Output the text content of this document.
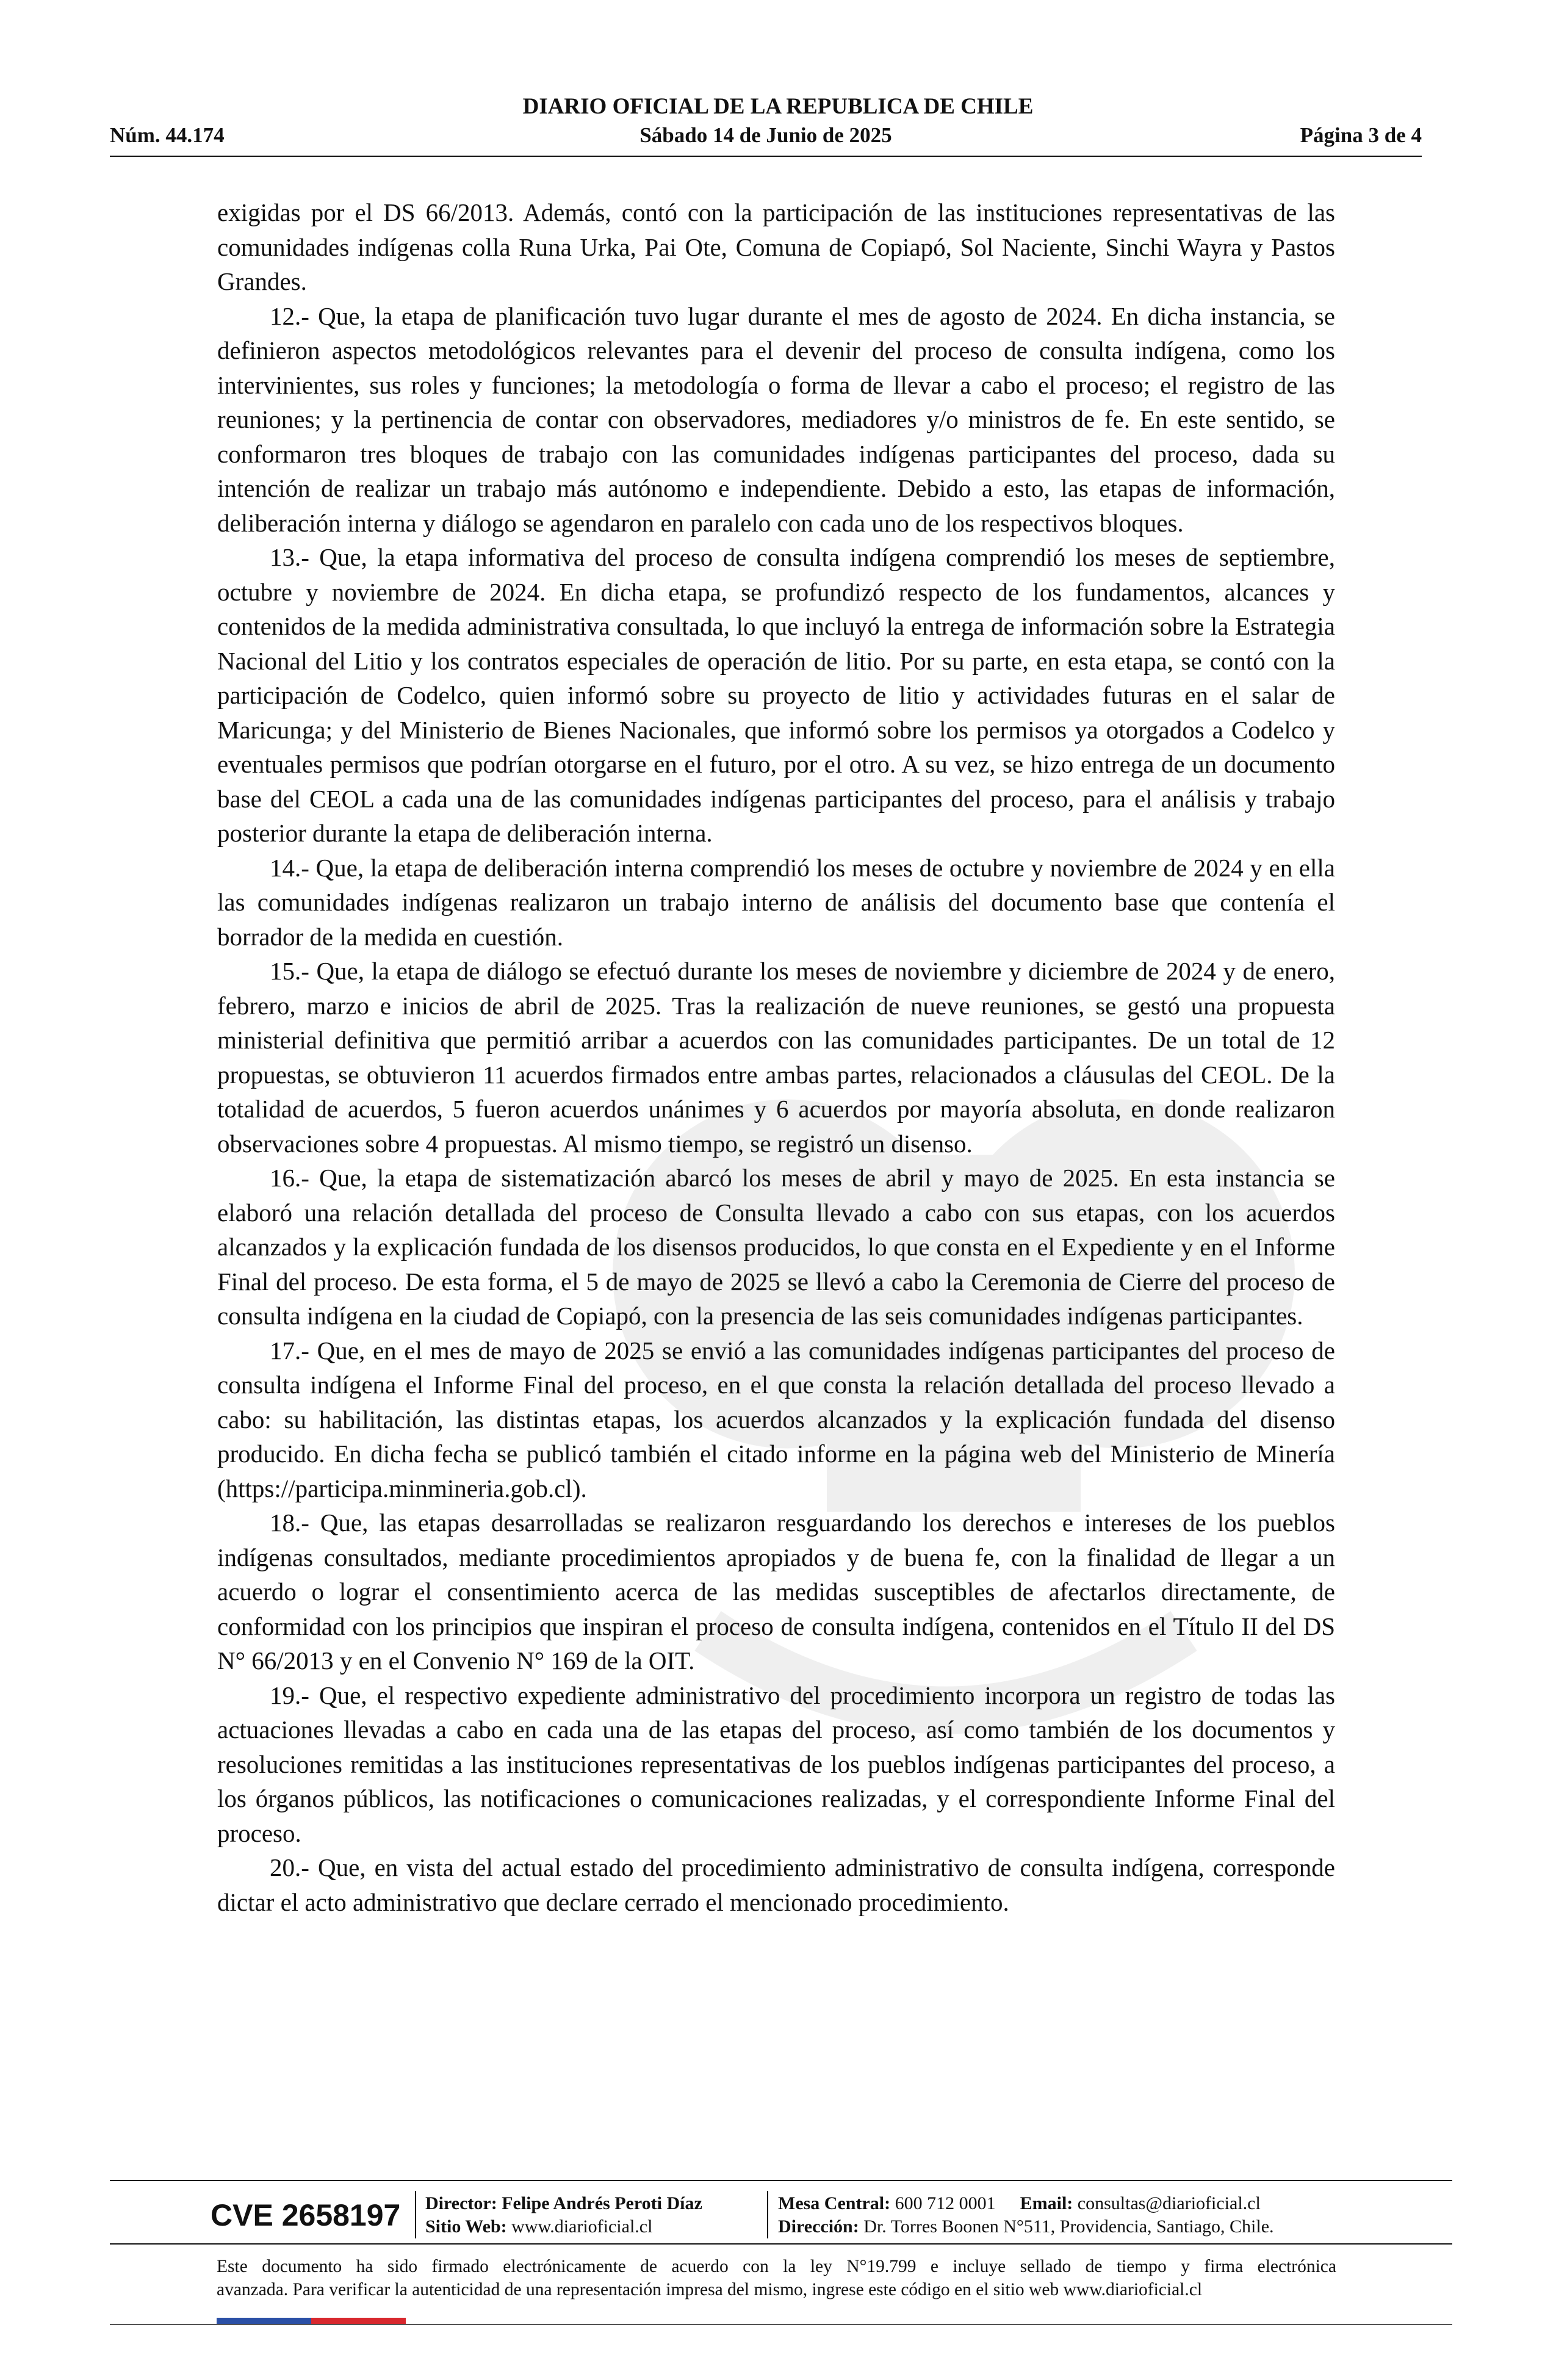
DIARIO OFICIAL DE LA REPUBLICA DE CHILE
Núm. 44.174	Sábado 14 de Junio de 2025	Página 3 de 4

exigidas por el DS 66/2013. Además, contó con la participación de las instituciones representativas de las comunidades indígenas colla Runa Urka, Pai Ote, Comuna de Copiapó, Sol Naciente, Sinchi Wayra y Pastos Grandes.

12.- Que, la etapa de planificación tuvo lugar durante el mes de agosto de 2024. En dicha instancia, se definieron aspectos metodológicos relevantes para el devenir del proceso de consulta indígena, como los intervinientes, sus roles y funciones; la metodología o forma de llevar a cabo el proceso; el registro de las reuniones; y la pertinencia de contar con observadores, mediadores y/o ministros de fe. En este sentido, se conformaron tres bloques de trabajo con las comunidades indígenas participantes del proceso, dada su intención de realizar un trabajo más autónomo e independiente. Debido a esto, las etapas de información, deliberación interna y diálogo se agendaron en paralelo con cada uno de los respectivos bloques.

13.- Que, la etapa informativa del proceso de consulta indígena comprendió los meses de septiembre, octubre y noviembre de 2024. En dicha etapa, se profundizó respecto de los fundamentos, alcances y contenidos de la medida administrativa consultada, lo que incluyó la entrega de información sobre la Estrategia Nacional del Litio y los contratos especiales de operación de litio. Por su parte, en esta etapa, se contó con la participación de Codelco, quien informó sobre su proyecto de litio y actividades futuras en el salar de Maricunga; y del Ministerio de Bienes Nacionales, que informó sobre los permisos ya otorgados a Codelco y eventuales permisos que podrían otorgarse en el futuro, por el otro. A su vez, se hizo entrega de un documento base del CEOL a cada una de las comunidades indígenas participantes del proceso, para el análisis y trabajo posterior durante la etapa de deliberación interna.

14.- Que, la etapa de deliberación interna comprendió los meses de octubre y noviembre de 2024 y en ella las comunidades indígenas realizaron un trabajo interno de análisis del documento base que contenía el borrador de la medida en cuestión.

15.- Que, la etapa de diálogo se efectuó durante los meses de noviembre y diciembre de 2024 y de enero, febrero, marzo e inicios de abril de 2025. Tras la realización de nueve reuniones, se gestó una propuesta ministerial definitiva que permitió arribar a acuerdos con las comunidades participantes. De un total de 12 propuestas, se obtuvieron 11 acuerdos firmados entre ambas partes, relacionados a cláusulas del CEOL. De la totalidad de acuerdos, 5 fueron acuerdos unánimes y 6 acuerdos por mayoría absoluta, en donde realizaron observaciones sobre 4 propuestas. Al mismo tiempo, se registró un disenso.

16.- Que, la etapa de sistematización abarcó los meses de abril y mayo de 2025. En esta instancia se elaboró una relación detallada del proceso de Consulta llevado a cabo con sus etapas, con los acuerdos alcanzados y la explicación fundada de los disensos producidos, lo que consta en el Expediente y en el Informe Final del proceso. De esta forma, el 5 de mayo de 2025 se llevó a cabo la Ceremonia de Cierre del proceso de consulta indígena en la ciudad de Copiapó, con la presencia de las seis comunidades indígenas participantes.

17.- Que, en el mes de mayo de 2025 se envió a las comunidades indígenas participantes del proceso de consulta indígena el Informe Final del proceso, en el que consta la relación detallada del proceso llevado a cabo: su habilitación, las distintas etapas, los acuerdos alcanzados y la explicación fundada del disenso producido. En dicha fecha se publicó también el citado informe en la página web del Ministerio de Minería (https://participa.minmineria.gob.cl).

18.- Que, las etapas desarrolladas se realizaron resguardando los derechos e intereses de los pueblos indígenas consultados, mediante procedimientos apropiados y de buena fe, con la finalidad de llegar a un acuerdo o lograr el consentimiento acerca de las medidas susceptibles de afectarlos directamente, de conformidad con los principios que inspiran el proceso de consulta indígena, contenidos en el Título II del DS N° 66/2013 y en el Convenio N° 169 de la OIT.

19.- Que, el respectivo expediente administrativo del procedimiento incorpora un registro de todas las actuaciones llevadas a cabo en cada una de las etapas del proceso, así como también de los documentos y resoluciones remitidas a las instituciones representativas de los pueblos indígenas participantes del proceso, a los órganos públicos, las notificaciones o comunicaciones realizadas, y el correspondiente Informe Final del proceso.

20.- Que, en vista del actual estado del procedimiento administrativo de consulta indígena, corresponde dictar el acto administrativo que declare cerrado el mencionado procedimiento.

CVE 2658197 Director: Felipe Andrés Peroti Díaz
Sitio Web: www.diarioficial.cl
Mesa Central: 600 712 0001 Email: consultas@diarioficial.cl
Dirección: Dr. Torres Boonen N°511, Providencia, Santiago, Chile.
Este documento ha sido firmado electrónicamente de acuerdo con la ley N°19.799 e incluye sellado de tiempo y firma electrónica
avanzada. Para verificar la autenticidad de una representación impresa del mismo, ingrese este código en el sitio web www.diarioficial.cl
